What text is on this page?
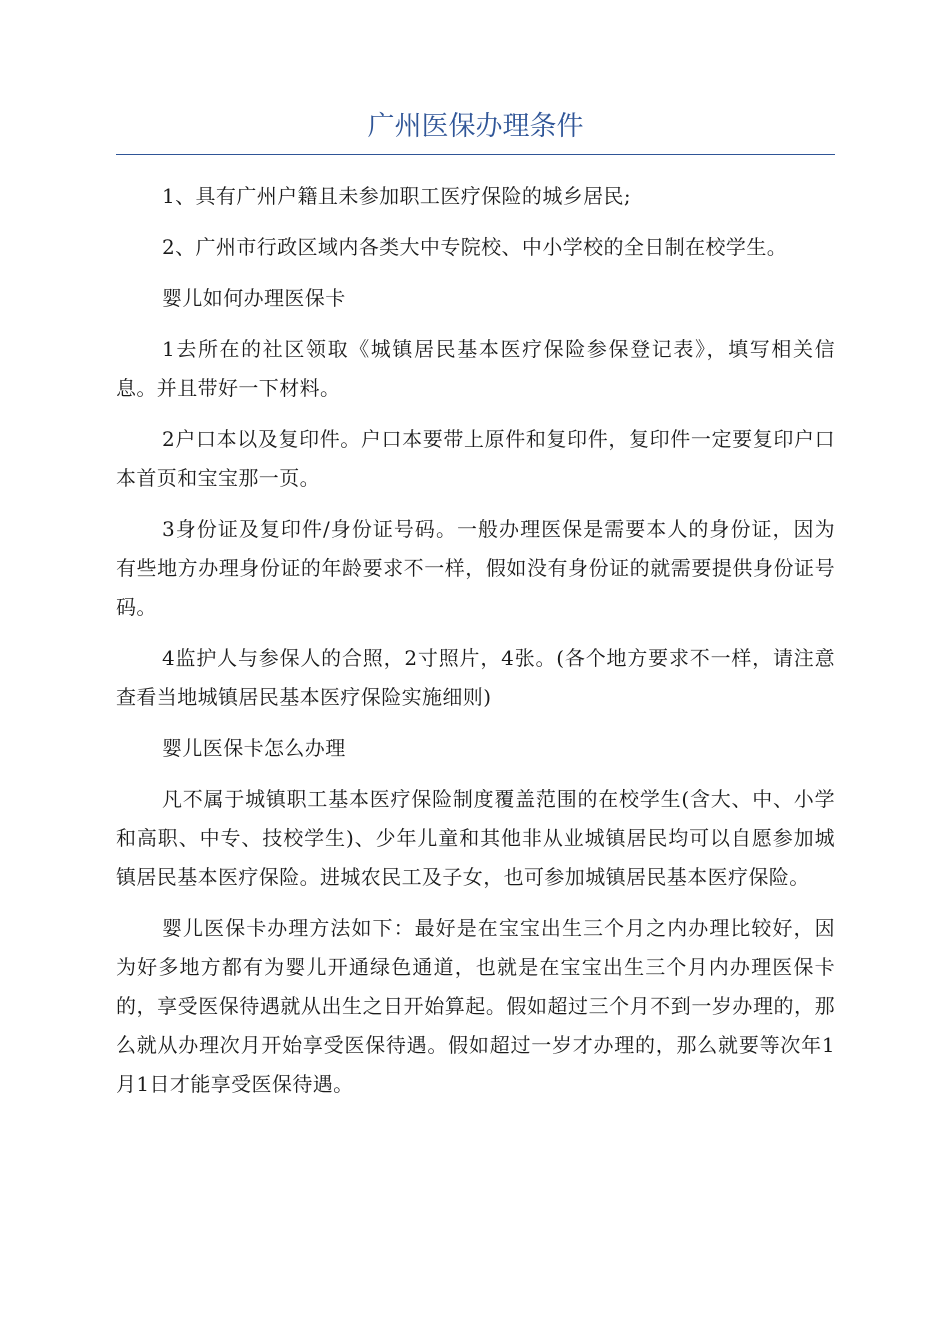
广州医保办理条件

1、具有广州户籍且未参加职工医疗保险的城乡居民;

2、广州市行政区域内各类大中专院校、中小学校的全日制在校学生。

婴儿如何办理医保卡

1去所在的社区领取《城镇居民基本医疗保险参保登记表》，填写相关信息。并且带好一下材料。

2户口本以及复印件。户口本要带上原件和复印件，复印件一定要复印户口本首页和宝宝那一页。

3身份证及复印件/身份证号码。一般办理医保是需要本人的身份证，因为有些地方办理身份证的年龄要求不一样，假如没有身份证的就需要提供身份证号码。

4监护人与参保人的合照，2寸照片，4张。(各个地方要求不一样，请注意查看当地城镇居民基本医疗保险实施细则)

婴儿医保卡怎么办理

凡不属于城镇职工基本医疗保险制度覆盖范围的在校学生(含大、中、小学和高职、中专、技校学生)、少年儿童和其他非从业城镇居民均可以自愿参加城镇居民基本医疗保险。进城农民工及子女，也可参加城镇居民基本医疗保险。

婴儿医保卡办理方法如下：最好是在宝宝出生三个月之内办理比较好，因为好多地方都有为婴儿开通绿色通道，也就是在宝宝出生三个月内办理医保卡的，享受医保待遇就从出生之日开始算起。假如超过三个月不到一岁办理的，那么就从办理次月开始享受医保待遇。假如超过一岁才办理的，那么就要等次年1月1日才能享受医保待遇。
